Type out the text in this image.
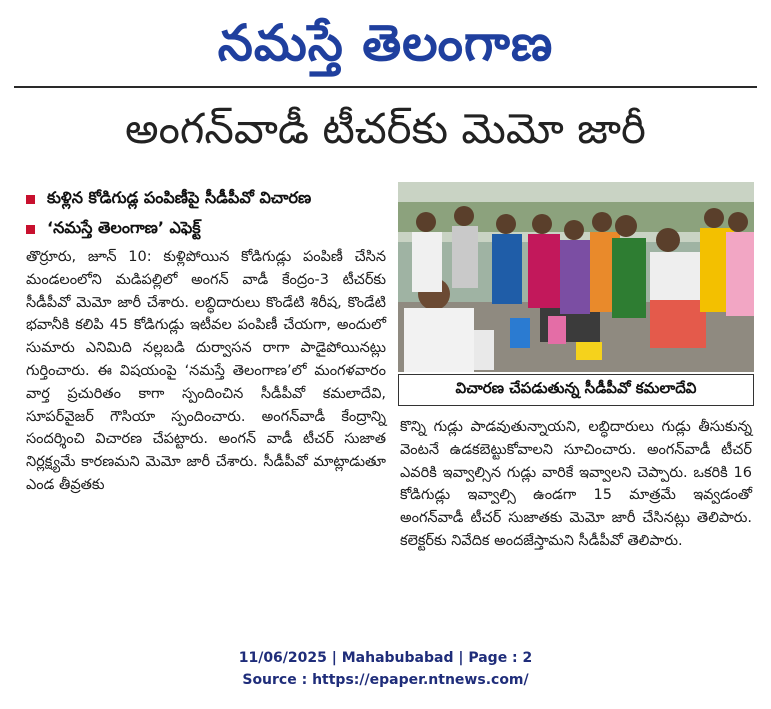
నమస్తే తెలంగాణ
అంగన్‌వాడీ టీచర్‌కు మెమో జారీ
కుళ్లిన కోడిగుడ్ల పంపిణీపై సీడీపీవో విచారణ
‘నమస్తే తెలంగాణ’ ఎఫెక్ట్
విచారణ చేపడుతున్న సీడీపీవో కమలాదేవి

తొర్రూరు, జూన్ 10: కుళ్లిపోయిన కోడిగుడ్లు పంపిణీ చేసిన మండలంలోని మడిపల్లిలో అంగన్ వాడీ కేంద్రం-3 టీచర్‌కు సీడీపీవో మెమో జారీ చేశారు. లబ్ధిదారులు కొండేటి శిరీష, కొండేటి భవానీకి కలిపి 45 కోడిగుడ్లు ఇటీవల పంపిణీ చేయగా, అందులో సుమారు ఎనిమిది నల్లబడి దుర్వాసన రాగా పాడైపోయినట్లు గుర్తించారు. ఈ విషయంపై ‘నమస్తే తెలంగాణ’లో మంగళవారం వార్త ప్రచురితం కాగా స్పందించిన సీడీపీవో కమలాదేవి, సూపర్‌వైజర్ గౌసియా స్పందించారు. అంగన్‌వాడీ కేంద్రాన్ని సందర్శించి విచారణ చేపట్టారు. అంగన్ వాడీ టీచర్ సుజాత నిర్లక్ష్యమే కారణమని మెమో జారీ చేశారు. సీడీపీవో మాట్లాడుతూ ఎండ తీవ్రతకు

కొన్ని గుడ్లు పాడవుతున్నాయని, లబ్ధిదారులు గుడ్లు తీసుకున్న వెంటనే ఉడకబెట్టుకోవాలని సూచించారు. అంగన్‌వాడీ టీచర్ ఎవరికి ఇవ్వాల్సిన గుడ్లు వారికే ఇవ్వాలని చెప్పారు. ఒకరికి 16 కోడిగుడ్లు ఇవ్వాల్సి ఉండగా 15 మాత్రమే ఇవ్వడంతో అంగన్‌వాడీ టీచర్ సుజాతకు మెమో జారీ చేసినట్లు తెలిపారు. కలెక్టర్‌కు నివేదిక అందజేస్తామని సీడీపీవో తెలిపారు.

11/06/2025 | Mahabubabad | Page : 2
Source : https://epaper.ntnews.com/
